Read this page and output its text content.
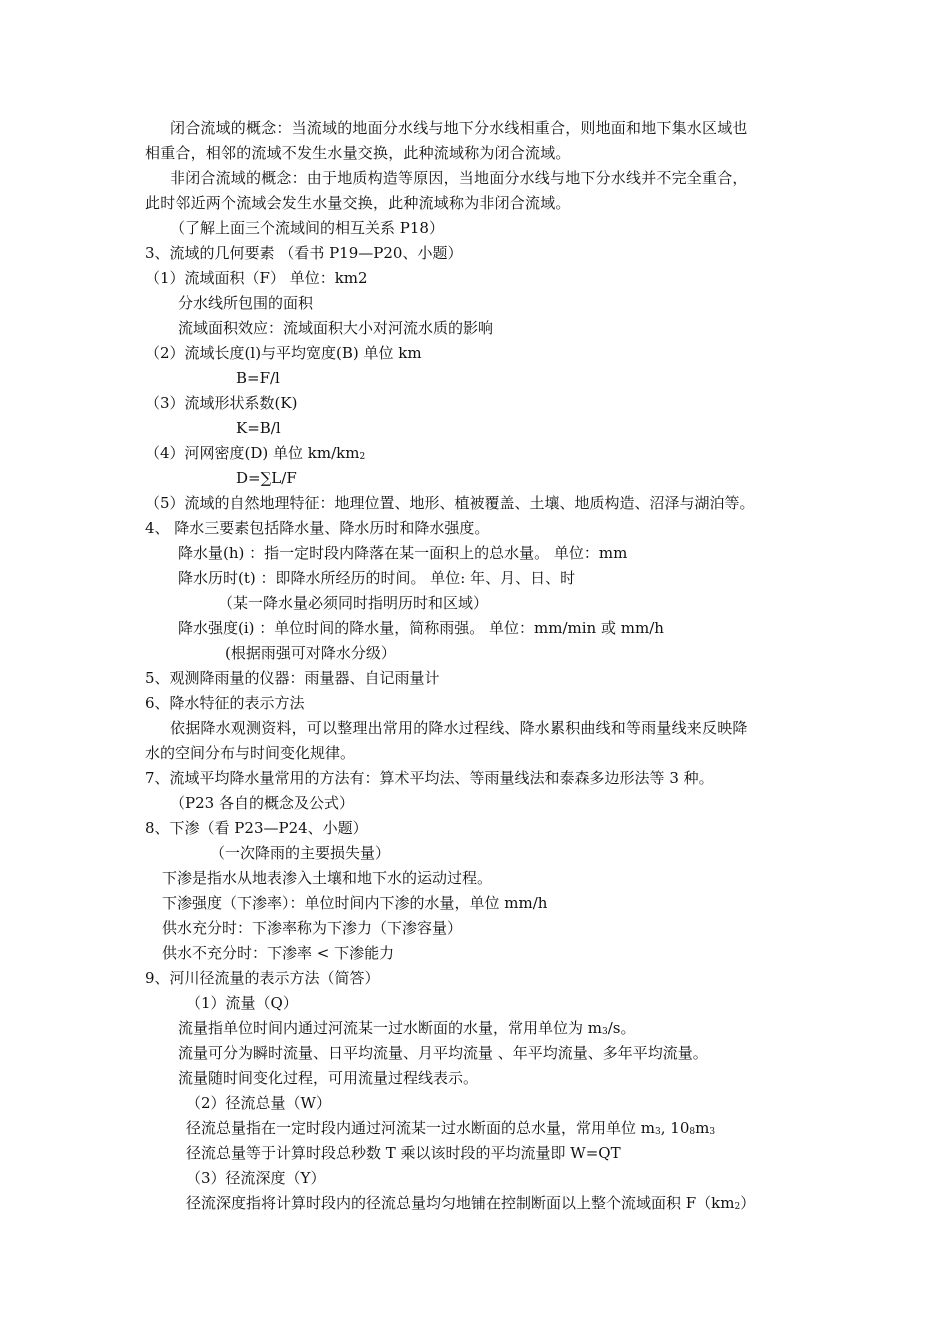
闭合流域的概念：当流域的地面分水线与地下分水线相重合，则地面和地下集水区域也
相重合，相邻的流域不发生水量交换，此种流域称为闭合流域。
非闭合流域的概念：由于地质构造等原因，当地面分水线与地下分水线并不完全重合，
此时邻近两个流域会发生水量交换，此种流域称为非闭合流域。
（了解上面三个流域间的相互关系 P18）
3、流域的几何要素 （看书 P19—P20、小题）
（1）流域面积（F） 单位：km2
分水线所包围的面积
流域面积效应：流域面积大小对河流水质的影响
（2）流域长度(l)与平均宽度(B) 单位 km
B=F/l
（3）流域形状系数(K)
K=B/l
（4）河网密度(D) 单位 $km/km_2$
D=∑L/F
（5）流域的自然地理特征：地理位置、地形、植被覆盖、土壤、地质构造、沼泽与湖泊等。
4、 降水三要素包括降水量、降水历时和降水强度。
降水量(h) ：指一定时段内降落在某一面积上的总水量。 单位：mm
降水历时(t) ：即降水所经历的时间。 单位: 年、月、日、时
（某一降水量必须同时指明历时和区域）
降水强度(i) ：单位时间的降水量，简称雨强。 单位：mm/min 或 mm/h
(根据雨强可对降水分级）
5、观测降雨量的仪器：雨量器、自记雨量计
6、降水特征的表示方法
依据降水观测资料，可以整理出常用的降水过程线、降水累积曲线和等雨量线来反映降
水的空间分布与时间变化规律。
7、流域平均降水量常用的方法有：算术平均法、等雨量线法和泰森多边形法等 3 种。
（P23 各自的概念及公式）
8、下渗（看 P23—P24、小题）
（一次降雨的主要损失量）
下渗是指水从地表渗入土壤和地下水的运动过程。
下渗强度（下渗率）：单位时间内下渗的水量，单位 mm/h
供水充分时：下渗率称为下渗力（下渗容量）
供水不充分时：下渗率 < 下渗能力
9、河川径流量的表示方法（简答）
（1）流量（Q）
流量指单位时间内通过河流某一过水断面的水量，常用单位为 $m_3/s$。
流量可分为瞬时流量、日平均流量、月平均流量 、年平均流量、多年平均流量。
流量随时间变化过程，可用流量过程线表示。
（2）径流总量（W）
径流总量指在一定时段内通过河流某一过水断面的总水量，常用单位 $m_3$, $10_8m_3$
径流总量等于计算时段总秒数 T 乘以该时段的平均流量即 W=QT
（3）径流深度（Y）
径流深度指将计算时段内的径流总量均匀地铺在控制断面以上整个流域面积 $F(km_2)$
